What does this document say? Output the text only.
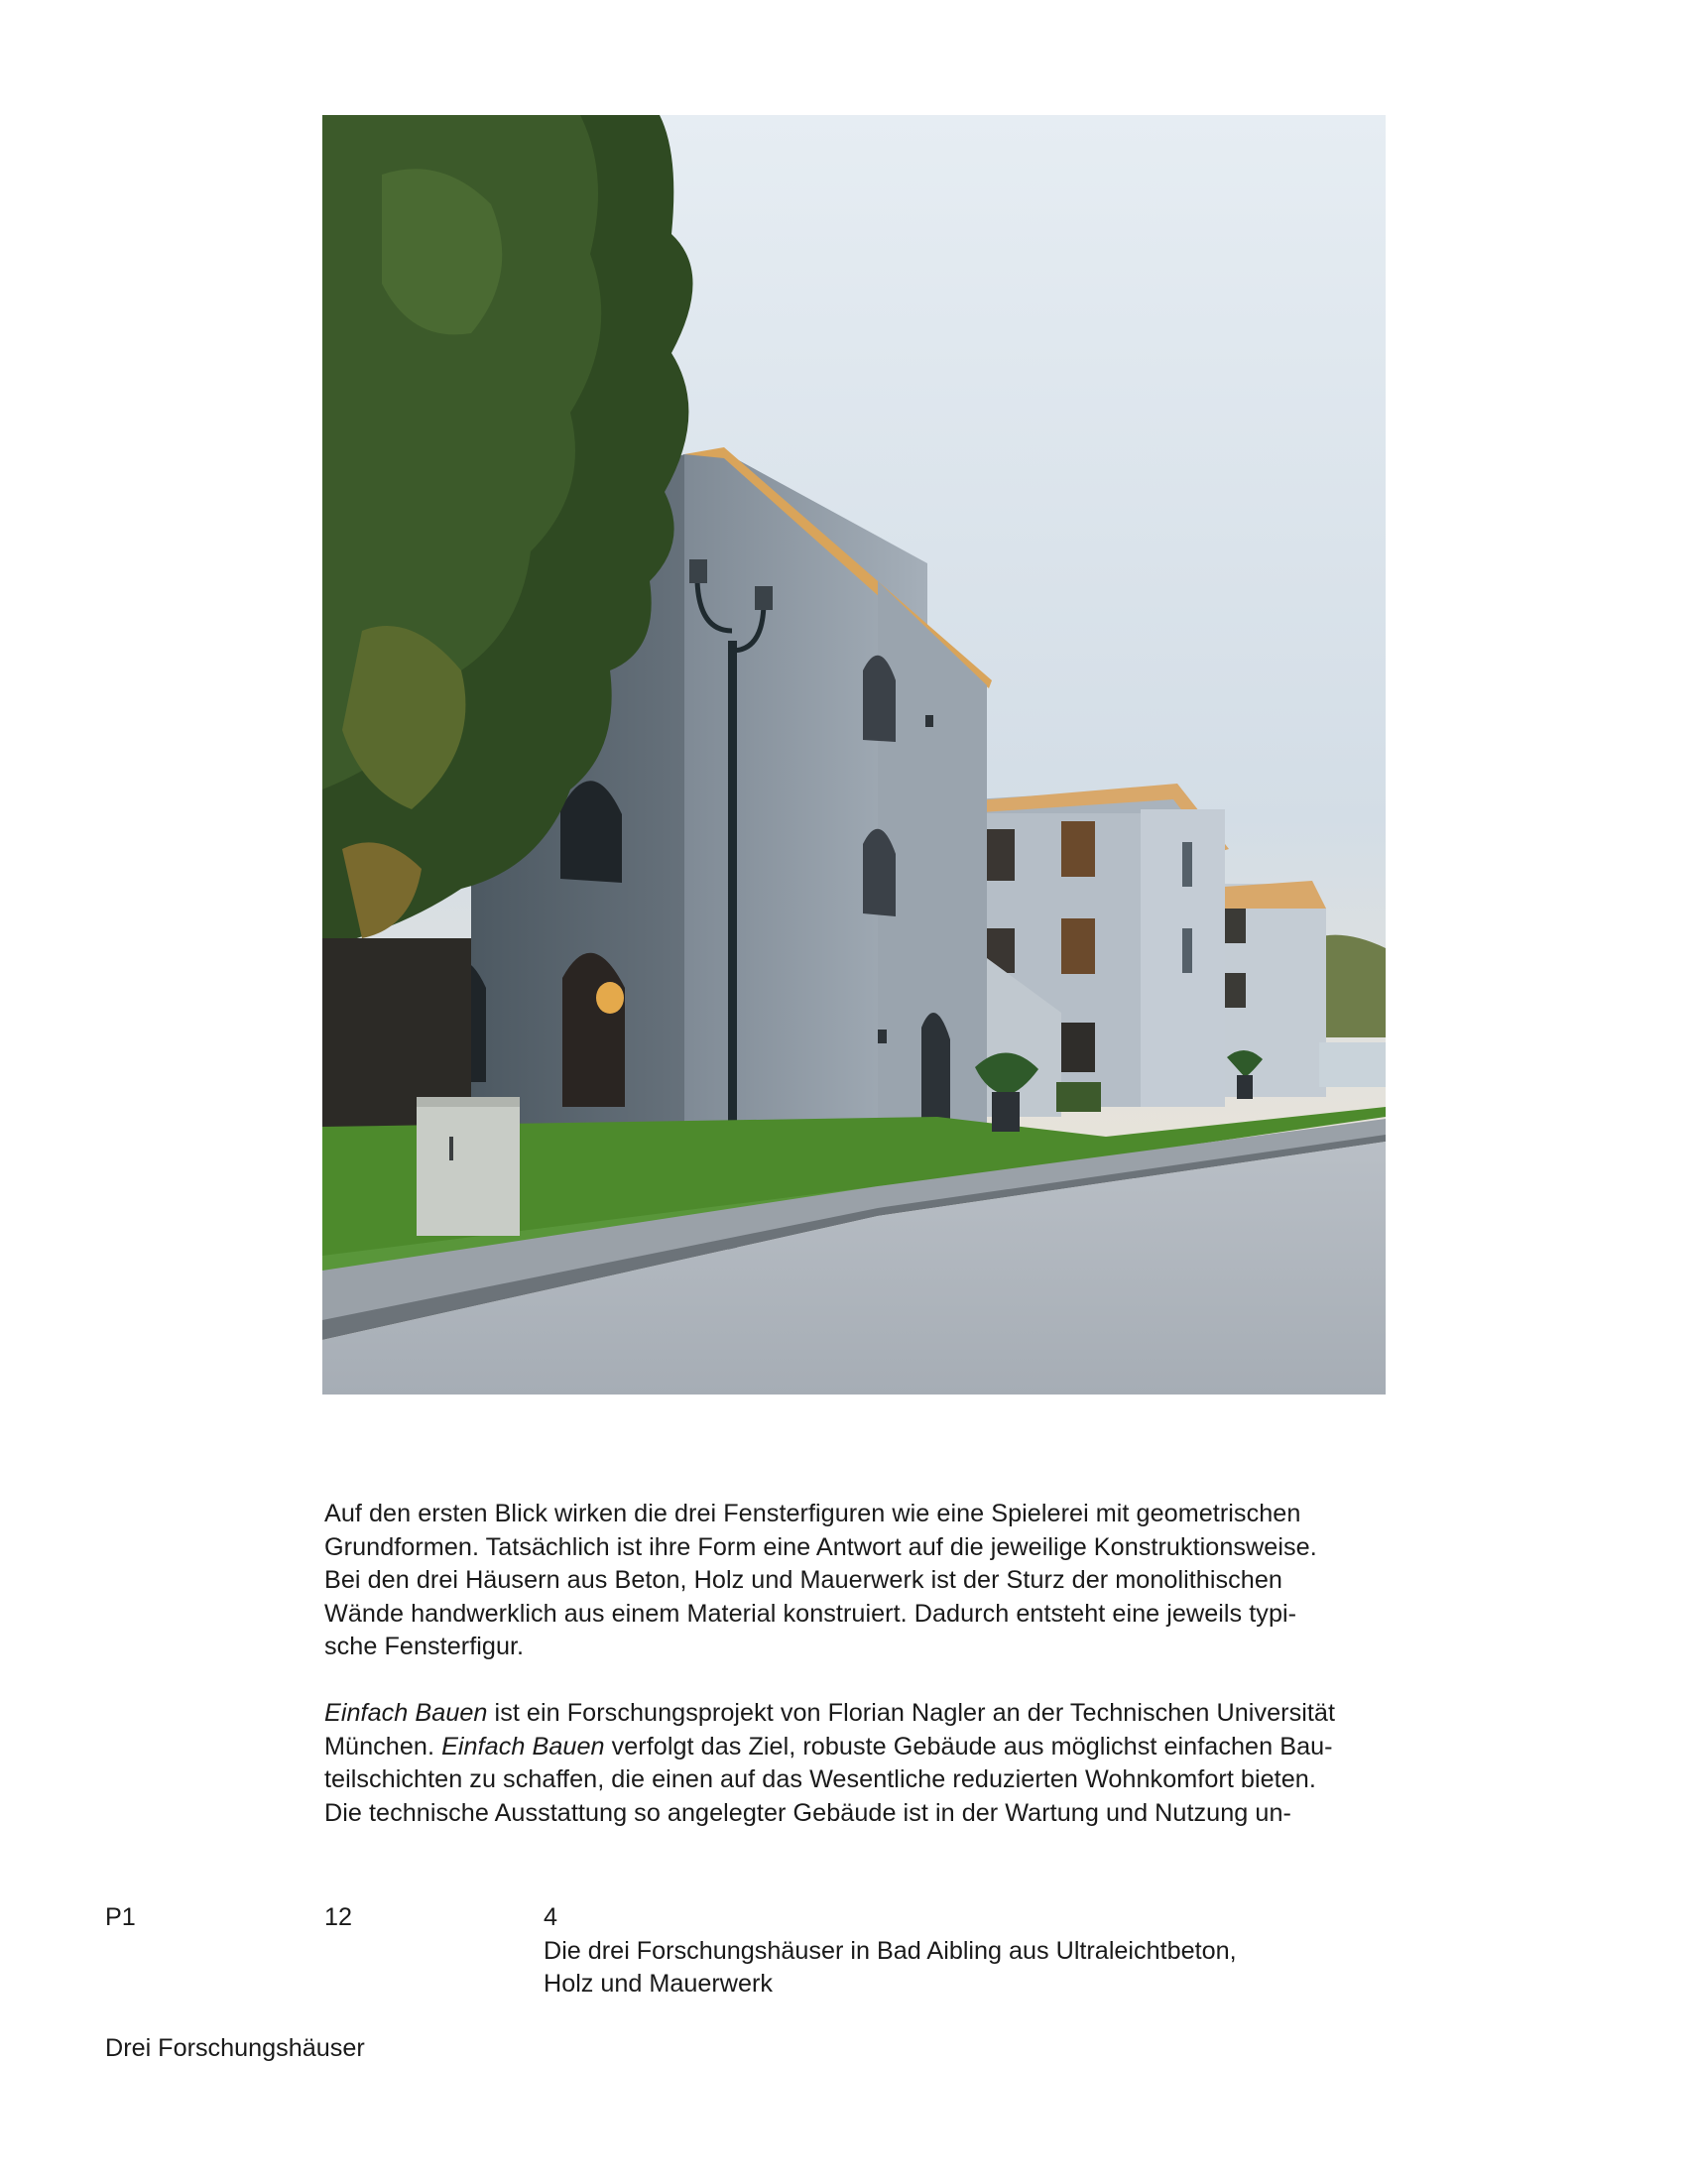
Auf den ersten Blick wirken die drei Fensterfiguren wie eine Spielerei mit geometrischen
Grundformen. Tatsächlich ist ihre Form eine Antwort auf die jeweilige Konstruktionsweise.
Bei den drei Häusern aus Beton, Holz und Mauerwerk ist der Sturz der monolithischen
Wände handwerklich aus einem Material konstruiert. Dadurch entsteht eine jeweils typi-
sche Fensterfigur.

Einfach Bauen ist ein Forschungsprojekt von Florian Nagler an der Technischen Universität
München. Einfach Bauen verfolgt das Ziel, robuste Gebäude aus möglichst einfachen Bau-
teilschichten zu schaffen, die einen auf das Wesentliche reduzierten Wohnkomfort bieten.
Die technische Ausstattung so angelegter Gebäude ist in der Wartung und Nutzung un-

P1	12	4
Die drei Forschungshäuser in Bad Aibling aus Ultraleichtbeton,
Holz und Mauerwerk
Drei Forschungshäuser
